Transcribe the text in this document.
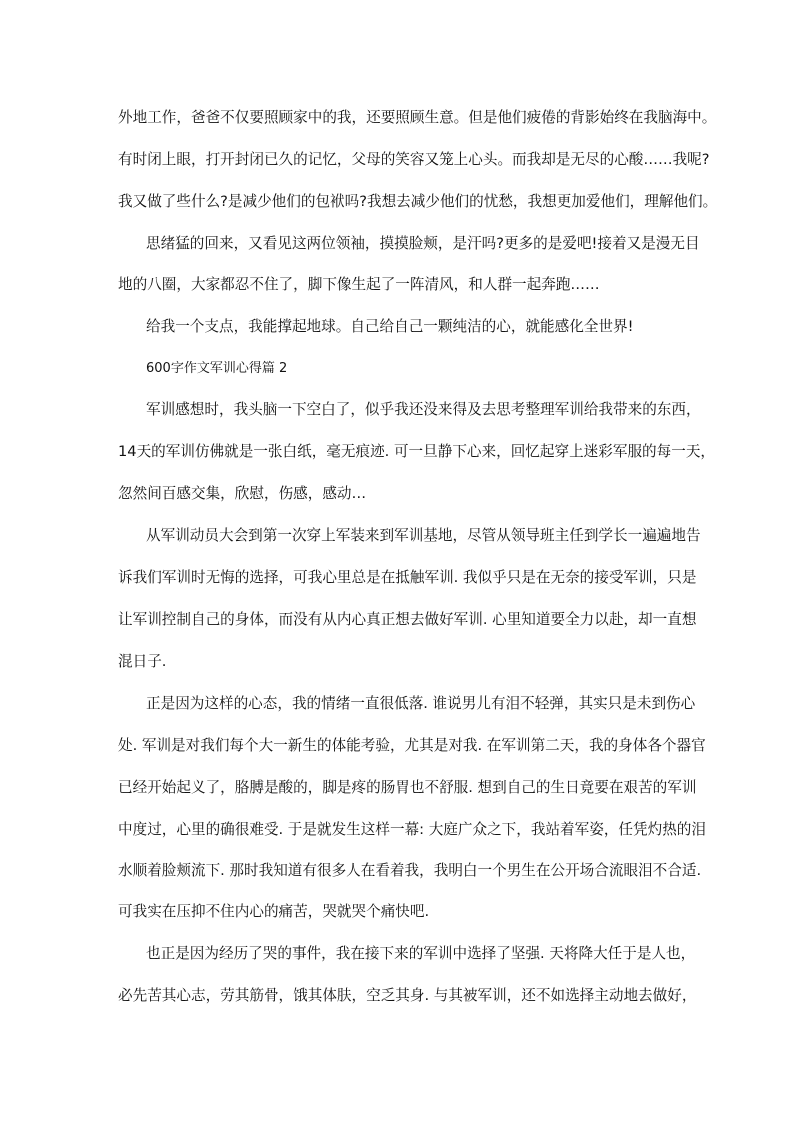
外地工作，爸爸不仅要照顾家中的我，还要照顾生意。但是他们疲倦的背影始终在我脑海中。
有时闭上眼，打开封闭已久的记忆，父母的笑容又笼上心头。而我却是无尽的心酸……我呢?
我又做了些什么?是减少他们的包袱吗?我想去减少他们的忧愁，我想更加爱他们，理解他们。
思绪猛的回来，又看见这两位领袖，摸摸脸颊，是汗吗?更多的是爱吧!接着又是漫无目
地的八圈，大家都忍不住了，脚下像生起了一阵清风，和人群一起奔跑……
给我一个支点，我能撑起地球。自己给自己一颗纯洁的心，就能感化全世界!
600字作文军训心得篇 2
军训感想时，我头脑一下空白了，似乎我还没来得及去思考整理军训给我带来的东西，
14天的军训仿佛就是一张白纸，毫无痕迹. 可一旦静下心来，回忆起穿上迷彩军服的每一天，
忽然间百感交集，欣慰，伤感，感动…
从军训动员大会到第一次穿上军装来到军训基地，尽管从领导班主任到学长一遍遍地告
诉我们军训时无悔的选择，可我心里总是在抵触军训. 我似乎只是在无奈的接受军训，只是
让军训控制自己的身体，而没有从内心真正想去做好军训. 心里知道要全力以赴，却一直想
混日子.
正是因为这样的心态，我的情绪一直很低落. 谁说男儿有泪不轻弹，其实只是未到伤心
处. 军训是对我们每个大一新生的体能考验，尤其是对我. 在军训第二天，我的身体各个器官
已经开始起义了，胳膊是酸的，脚是疼的肠胃也不舒服. 想到自己的生日竟要在艰苦的军训
中度过，心里的确很难受. 于是就发生这样一幕: 大庭广众之下，我站着军姿，任凭灼热的泪
水顺着脸颊流下. 那时我知道有很多人在看着我，我明白一个男生在公开场合流眼泪不合适.
可我实在压抑不住内心的痛苦，哭就哭个痛快吧.
也正是因为经历了哭的事件，我在接下来的军训中选择了坚强. 天将降大任于是人也，
必先苦其心志，劳其筋骨，饿其体肤，空乏其身. 与其被军训，还不如选择主动地去做好，
